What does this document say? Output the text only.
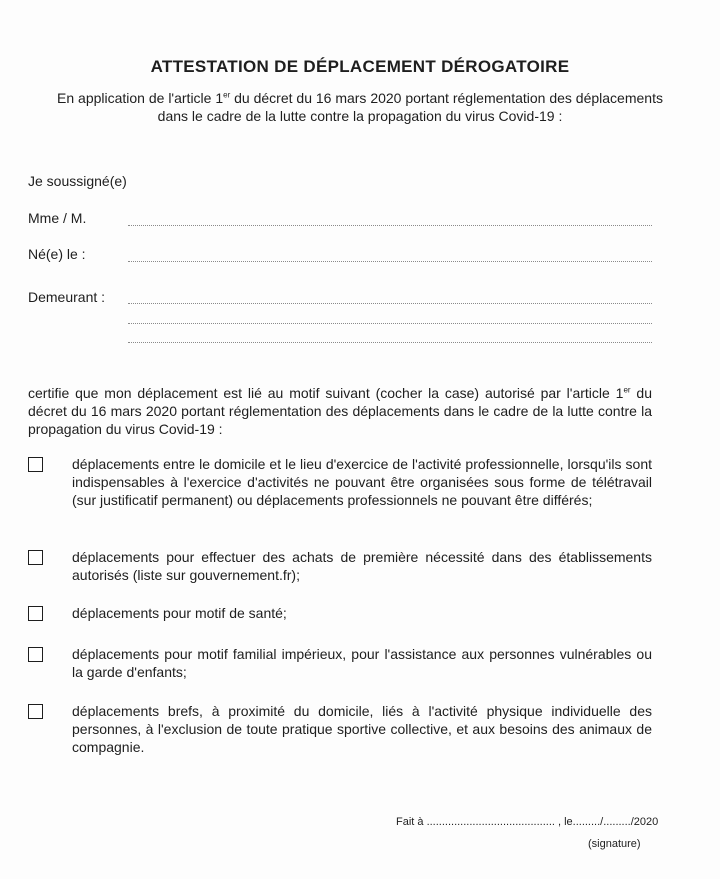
ATTESTATION DE DÉPLACEMENT DÉROGATOIRE
En application de l'article 1er du décret du 16 mars 2020 portant réglementation des déplacements dans le cadre de la lutte contre la propagation du virus Covid-19 :
Je soussigné(e)
Mme / M.
Né(e) le :
Demeurant :
certifie que mon déplacement est lié au motif suivant (cocher la case) autorisé par l'article 1er du décret du 16 mars 2020 portant réglementation des déplacements dans le cadre de la lutte contre la propagation du virus Covid-19 :
déplacements entre le domicile et le lieu d'exercice de l'activité professionnelle, lorsqu'ils sont indispensables à l'exercice d'activités ne pouvant être organisées sous forme de télétravail (sur justificatif permanent) ou déplacements professionnels ne pouvant être différés;
déplacements pour effectuer des achats de première nécessité dans des établissements autorisés (liste sur gouvernement.fr);
déplacements pour motif de santé;
déplacements pour motif familial impérieux, pour l'assistance aux personnes vulnérables ou la garde d'enfants;
déplacements brefs, à proximité du domicile, liés à l'activité physique individuelle des personnes, à l'exclusion de toute pratique sportive collective, et aux besoins des animaux de compagnie.
Fait à .......................................... , le........./........./2020
(signature)
